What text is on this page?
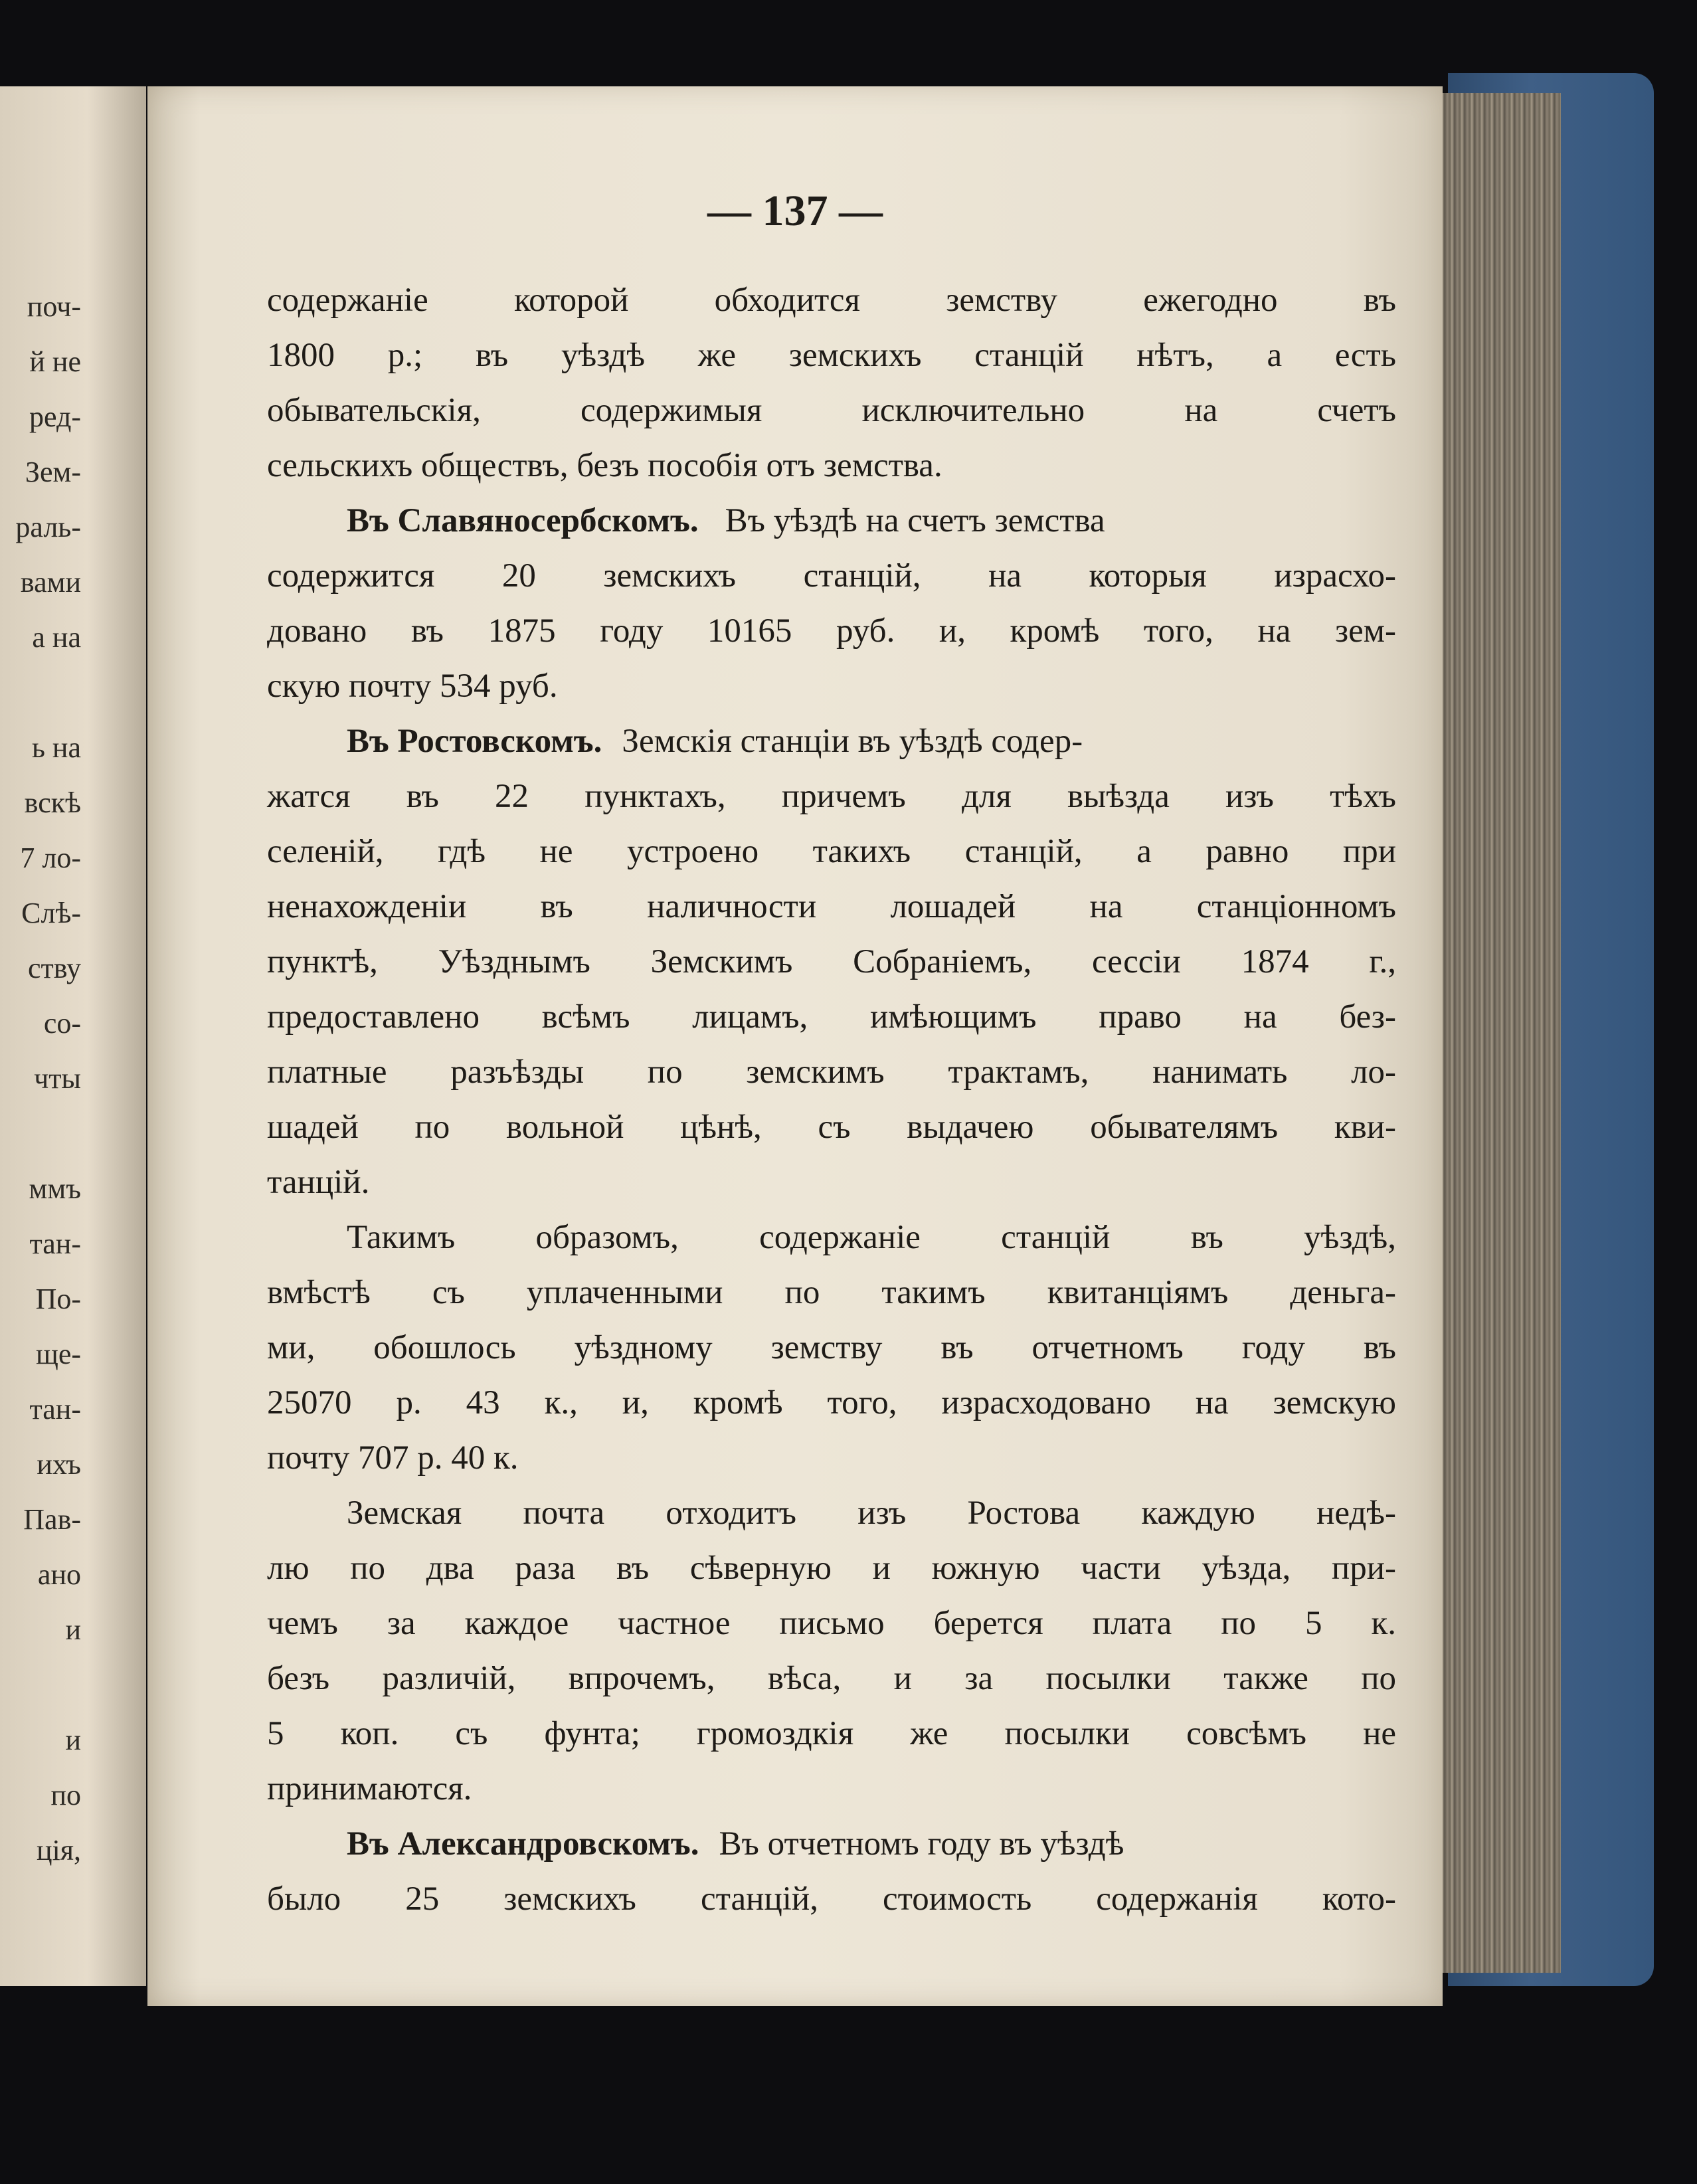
поч-
й не
ред-
Зем-
раль-
вами
а на
ь на
вскѣ
7 ло-
Слѣ-
ству
со-
чты
ммъ
тан-
По-
ще-
тан-
ихъ
Пав-
ано
и
и
по
ція,
— 137 —
содержаніе которой обходится земству ежегодно въ
1800 р.; въ уѣздѣ же земскихъ станцій нѣтъ, а есть
обывательскія, содержимыя исключительно на счетъ
сельскихъ обществъ, безъ пособія отъ земства.
Въ Славяносербскомъ. Въ уѣздѣ на счетъ земства
содержится 20 земскихъ станцій, на которыя израсхо-
довано въ 1875 году 10165 руб. и, кромѣ того, на зем-
скую почту 534 руб.
Въ Ростовскомъ. Земскія станціи въ уѣздѣ содер-
жатся въ 22 пунктахъ, причемъ для выѣзда изъ тѣхъ
селеній, гдѣ не устроено такихъ станцій, а равно при
ненахожденіи въ наличности лошадей на станціонномъ
пунктѣ, Уѣзднымъ Земскимъ Собраніемъ, сессіи 1874 г.,
предоставлено всѣмъ лицамъ, имѣющимъ право на без-
платные разъѣзды по земскимъ трактамъ, нанимать ло-
шадей по вольной цѣнѣ, съ выдачею обывателямъ кви-
танцій.
Такимъ образомъ, содержаніе станцій въ уѣздѣ,
вмѣстѣ съ уплаченными по такимъ квитанціямъ деньга-
ми, обошлось уѣздному земству въ отчетномъ году въ
25070 р. 43 к., и, кромѣ того, израсходовано на земскую
почту 707 р. 40 к.
Земская почта отходитъ изъ Ростова каждую недѣ-
лю по два раза въ сѣверную и южную части уѣзда, при-
чемъ за каждое частное письмо берется плата по 5 к.
безъ различій, впрочемъ, вѣса, и за посылки также по
5 коп. съ фунта; громоздкія же посылки совсѣмъ не
принимаются.
Въ Александровскомъ. Въ отчетномъ году въ уѣздѣ
было 25 земскихъ станцій, стоимость содержанія кото-
